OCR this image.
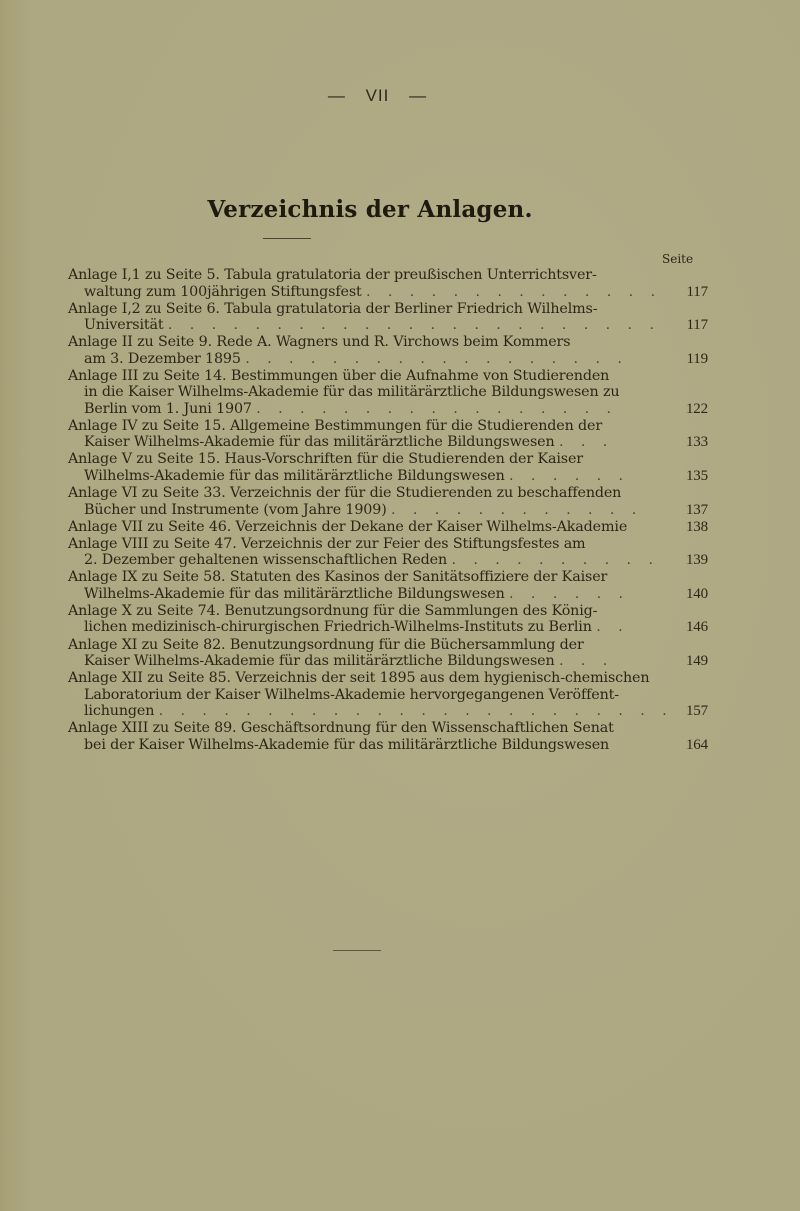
— VII —
Verzeichnis der Anlagen.
Seite
Anlage I,1 zu Seite 5. Tabula gratulatoria der preußischen Unterrichtsver-
waltung zum 100jährigen Stiftungsfest . . . . . . . . . . . . . .	117
Anlage I,2 zu Seite 6. Tabula gratulatoria der Berliner Friedrich Wilhelms-
Universität . . . . . . . . . . . . . . . . . . . . . . .	117
Anlage II zu Seite 9. Rede A. Wagners und R. Virchows beim Kommers
am 3. Dezember 1895 . . . . . . . . . . . . . . . . . .	119
Anlage III zu Seite 14. Bestimmungen über die Aufnahme von Studierenden
in die Kaiser Wilhelms-Akademie für das militärärztliche Bildungswesen zu
Berlin vom 1. Juni 1907 . . . . . . . . . . . . . . . . .	122
Anlage IV zu Seite 15. Allgemeine Bestimmungen für die Studierenden der
Kaiser Wilhelms-Akademie für das militärärztliche Bildungswesen . . .	133
Anlage V zu Seite 15. Haus-Vorschriften für die Studierenden der Kaiser
Wilhelms-Akademie für das militärärztliche Bildungswesen . . . . . .	135
Anlage VI zu Seite 33. Verzeichnis der für die Studierenden zu beschaffenden
Bücher und Instrumente (vom Jahre 1909) . . . . . . . . . . . .	137
Anlage VII zu Seite 46. Verzeichnis der Dekane der Kaiser Wilhelms-Akademie	138
Anlage VIII zu Seite 47. Verzeichnis der zur Feier des Stiftungsfestes am
2. Dezember gehaltenen wissenschaftlichen Reden . . . . . . . . . .	139
Anlage IX zu Seite 58. Statuten des Kasinos der Sanitätsoffiziere der Kaiser
Wilhelms-Akademie für das militärärztliche Bildungswesen . . . . . .	140
Anlage X zu Seite 74. Benutzungsordnung für die Sammlungen des König-
lichen medizinisch-chirurgischen Friedrich-Wilhelms-Instituts zu Berlin . .	146
Anlage XI zu Seite 82. Benutzungsordnung für die Büchersammlung der
Kaiser Wilhelms-Akademie für das militärärztliche Bildungswesen . . .	149
Anlage XII zu Seite 85. Verzeichnis der seit 1895 aus dem hygienisch-chemischen
Laboratorium der Kaiser Wilhelms-Akademie hervorgegangenen Veröffent-
lichungen . . . . . . . . . . . . . . . . . . . . . . . . 157
Anlage XIII zu Seite 89. Geschäftsordnung für den Wissenschaftlichen Senat
bei der Kaiser Wilhelms-Akademie für das militärärztliche Bildungswesen	164
